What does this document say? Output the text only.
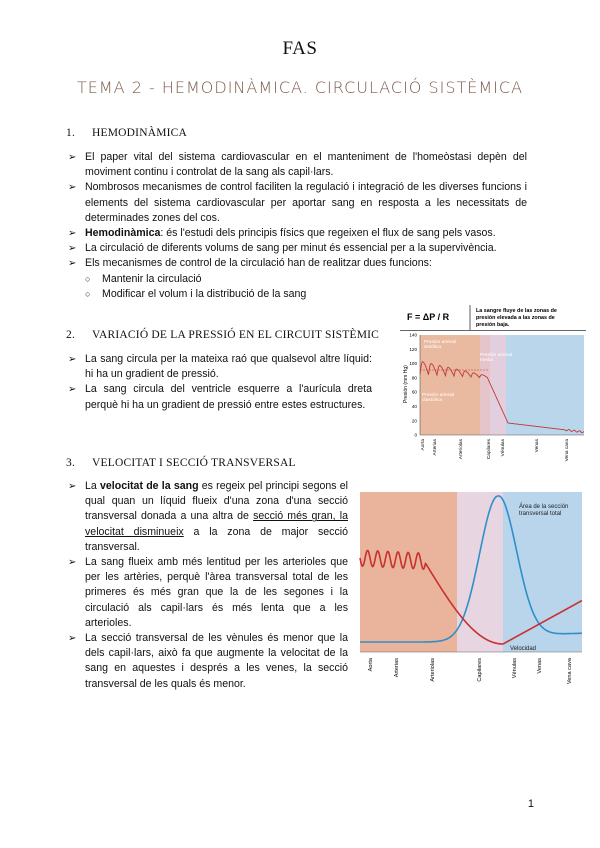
FAS
TEMA 2 - HEMODINÀMICA. CIRCULACIÓ SISTÈMICA
1. HEMODINÀMICA
➢ El paper vital del sistema cardiovascular en el manteniment de l'homeòstasi depèn del moviment continu i controlat de la sang als capil·lars.
➢ Nombrosos mecanismes de control faciliten la regulació i integració de les diverses funcions i elements del sistema cardiovascular per aportar sang en resposta a les necessitats de determinades zones del cos.
➢ Hemodinàmica: és l'estudi dels principis físics que regeixen el flux de sang pels vasos.
➢ La circulació de diferents volums de sang per minut és essencial per a la supervivència.
➢ Els mecanismes de control de la circulació han de realitzar dues funcions:
○ Mantenir la circulació
○ Modificar el volum i la distribució de la sang
2. VARIACIÓ DE LA PRESSIÓ EN EL CIRCUIT SISTÈMIC
➢ La sang circula per la mateixa raó que qualsevol altre líquid: hi ha un gradient de pressió.
➢ La sang circula del ventricle esquerre a l'aurícula dreta perquè hi ha un gradient de pressió entre estes estructures.
F = ΔP / R
La sangre fluye de las zonas de presión elevada a las zonas de presión baja.
0
20
40
60
80
100
120
140
Presión (mm Hg)
Presión arterial sistólica
Presión arterial media
Presión arterial diastólica
Aorta Arterias	Arteriolas	Capilares Vénulas	Venas	Vena cava
3. VELOCITAT I SECCIÓ TRANSVERSAL
➢ La velocitat de la sang es regeix pel principi segons el qual quan un líquid flueix d'una zona d'una secció transversal donada a una altra de secció més gran, la velocitat disminueix a la zona de major secció transversal.
➢ La sang flueix amb més lentitud per les arterioles que per les artèries, perquè l'àrea transversal total de les primeres és més gran que la de les segones i la circulació als capil·lars és més lenta que a les arterioles.
➢ La secció transversal de les vènules és menor que la dels capil·lars, això fa que augmente la velocitat de la sang en aquestes i després a les venes, la secció transversal de les quals és menor.
Área de la sección transversal total
Velocidad
Aorta	Arterias	Arteriolas	Capilares	Vénulas	Venas	Vena cava
1
